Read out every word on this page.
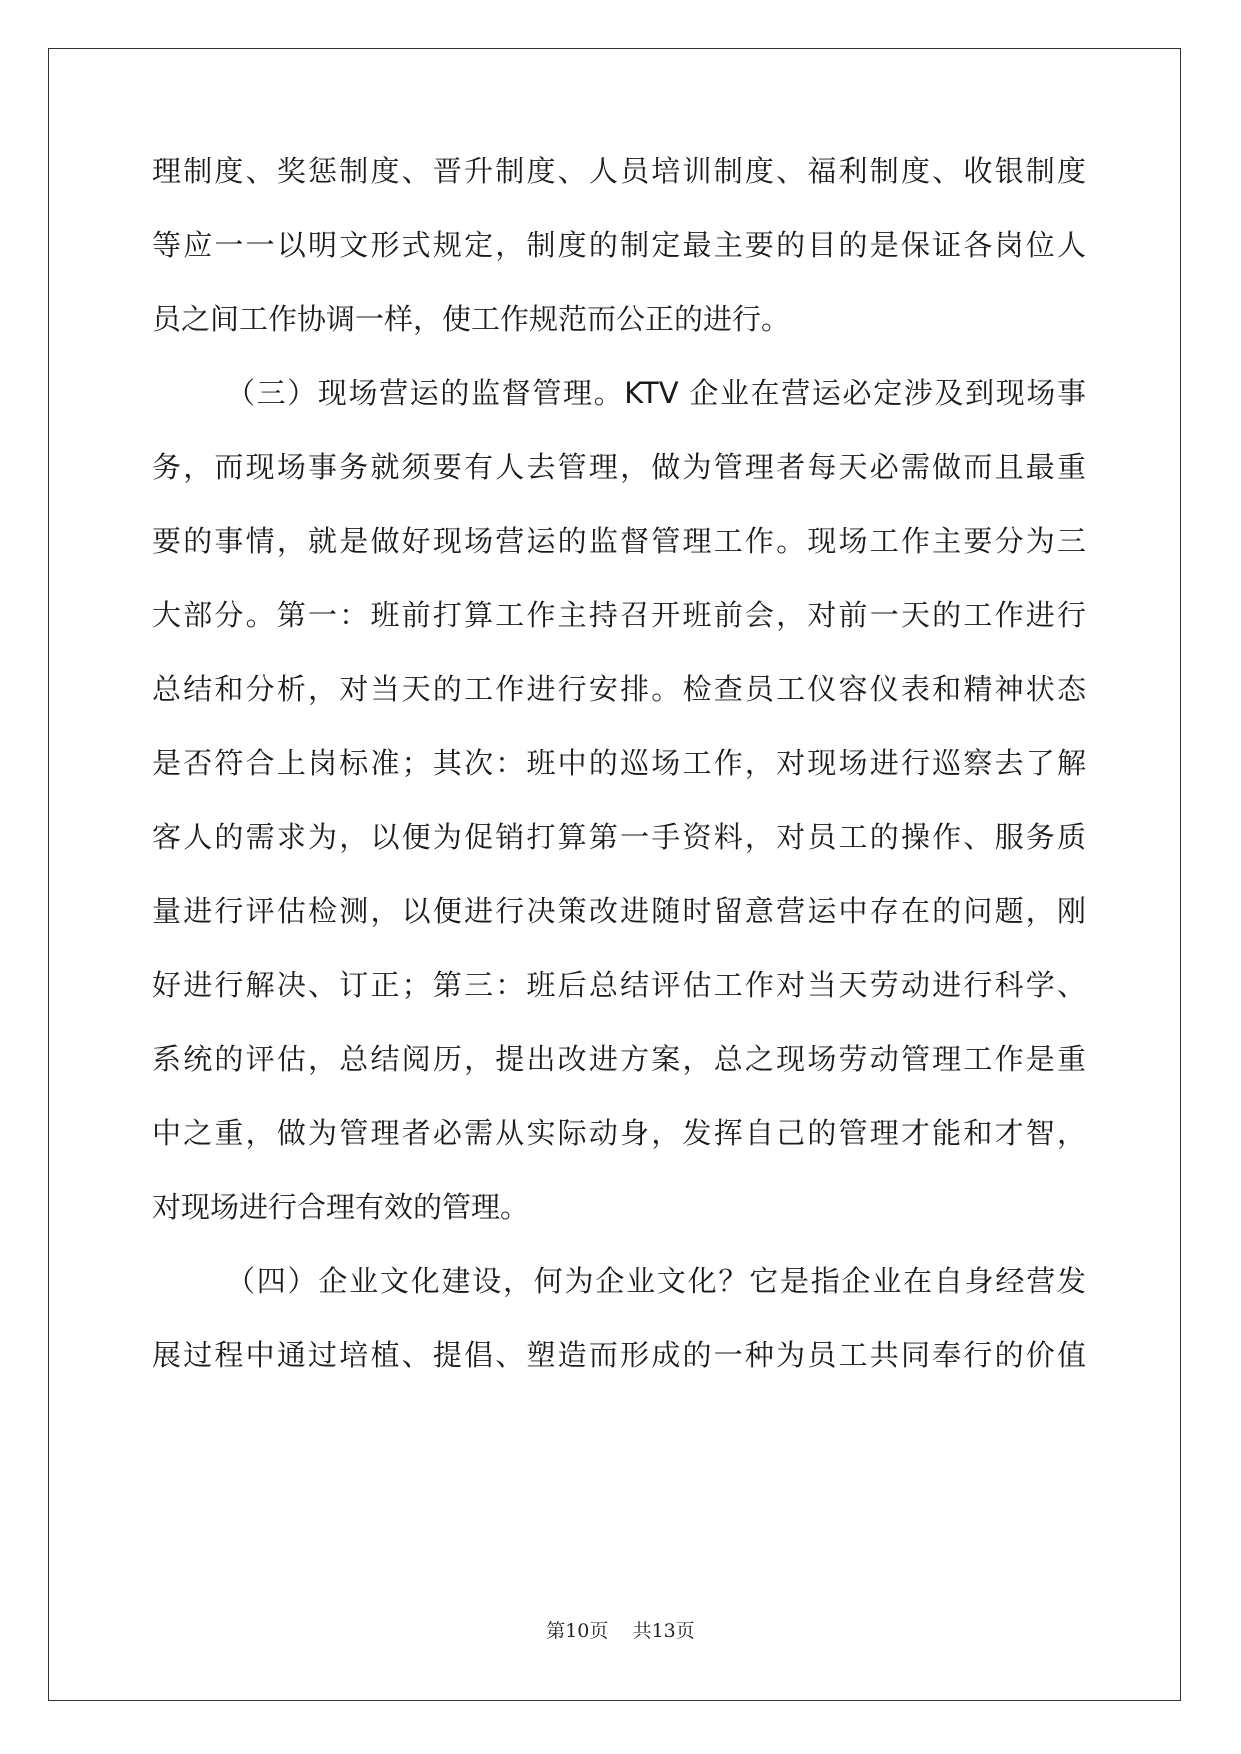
理制度、奖惩制度、晋升制度、人员培训制度、福利制度、收银制度
等应一一以明文形式规定，制度的制定最主要的目的是保证各岗位人
员之间工作协调一样，使工作规范而公正的进行。
（三）现场营运的监督管理。KTV 企业在营运必定涉及到现场事
务，而现场事务就须要有人去管理，做为管理者每天必需做而且最重
要的事情，就是做好现场营运的监督管理工作。现场工作主要分为三
大部分。第一：班前打算工作主持召开班前会，对前一天的工作进行
总结和分析，对当天的工作进行安排。检查员工仪容仪表和精神状态
是否符合上岗标准；其次：班中的巡场工作，对现场进行巡察去了解
客人的需求为，以便为促销打算第一手资料，对员工的操作、服务质
量进行评估检测，以便进行决策改进随时留意营运中存在的问题，刚
好进行解决、订正；第三：班后总结评估工作对当天劳动进行科学、
系统的评估，总结阅历，提出改进方案，总之现场劳动管理工作是重
中之重，做为管理者必需从实际动身，发挥自己的管理才能和才智，
对现场进行合理有效的管理。
（四）企业文化建设，何为企业文化？它是指企业在自身经营发
展过程中通过培植、提倡、塑造而形成的一种为员工共同奉行的价值
第10页 共13页
